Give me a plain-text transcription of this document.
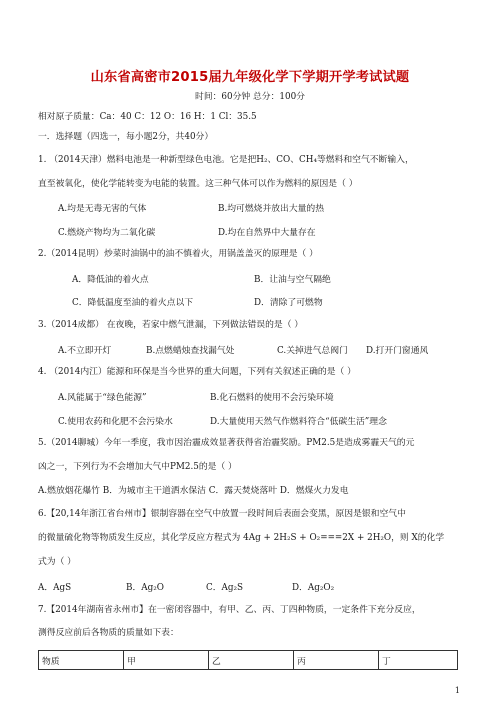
山东省高密市2015届九年级化学下学期开学考试试题
时间：60分钟 总分：100分
相对原子质量：Ca：40 C：12 O：16 H：1 Cl：35.5
一．选择题（四选一，每小题2分，共40分）
1. （2014天津）燃料电池是一种新型绿色电池。它是把H₂、CO、CH₄等燃料和空气不断输入，
直至被氧化，使化学能转变为电能的装置。这三种气体可以作为燃料的原因是（ ）
A.均是无毒无害的气体	B.均可燃烧并放出大量的热
C.燃烧产物均为二氧化碳	D.均在自然界中大量存在
2.（2014昆明）炒菜时油锅中的油不慎着火，用锅盖盖灭的原理是（ ）
A．降低油的着火点	B．让油与空气隔绝
C．降低温度至油的着火点以下	D．清除了可燃物
3.（2014成都） 在夜晚，若家中燃气泄漏，下列做法错误的是（ ）
A.不立即开灯	B.点燃蜡烛查找漏气处	C.关掉进气总阀门 D.打开门窗通风
4. （2014内江）能源和环保是当今世界的重大问题，下列有关叙述正确的是（ ）
A.风能属于“绿色能源”	B.化石燃料的使用不会污染环境
C.使用农药和化肥不会污染水	D.大量使用天然气作燃料符合“低碳生活”理念
5.（2014聊城）今年一季度，我市因治霾成效显著获得省治霾奖励。PM2.5是造成雾霾天气的元
凶之一，下列行为不会增加大气中PM2.5的是（ ）
A.燃放烟花爆竹 B．为城市主干道洒水保洁 C．露天焚烧落叶 D．燃煤火力发电
6.【20,14年浙江省台州市】银制容器在空气中放置一段时间后表面会变黑，原因是银和空气中
的微量硫化物等物质发生反应，其化学反应方程式为 4Ag + 2H₂S + O₂===2X + 2H₂O，则 X的化学
式为（ ）
A．AgS	B．Ag₂O	C．Ag₂S	D．Ag₂O₂
7.【2014年湖南省永州市】在一密闭容器中，有甲、乙、丙、丁四种物质，一定条件下充分反应，
测得反应前后各物质的质量如下表：
物质	甲	乙	丙	丁
1
